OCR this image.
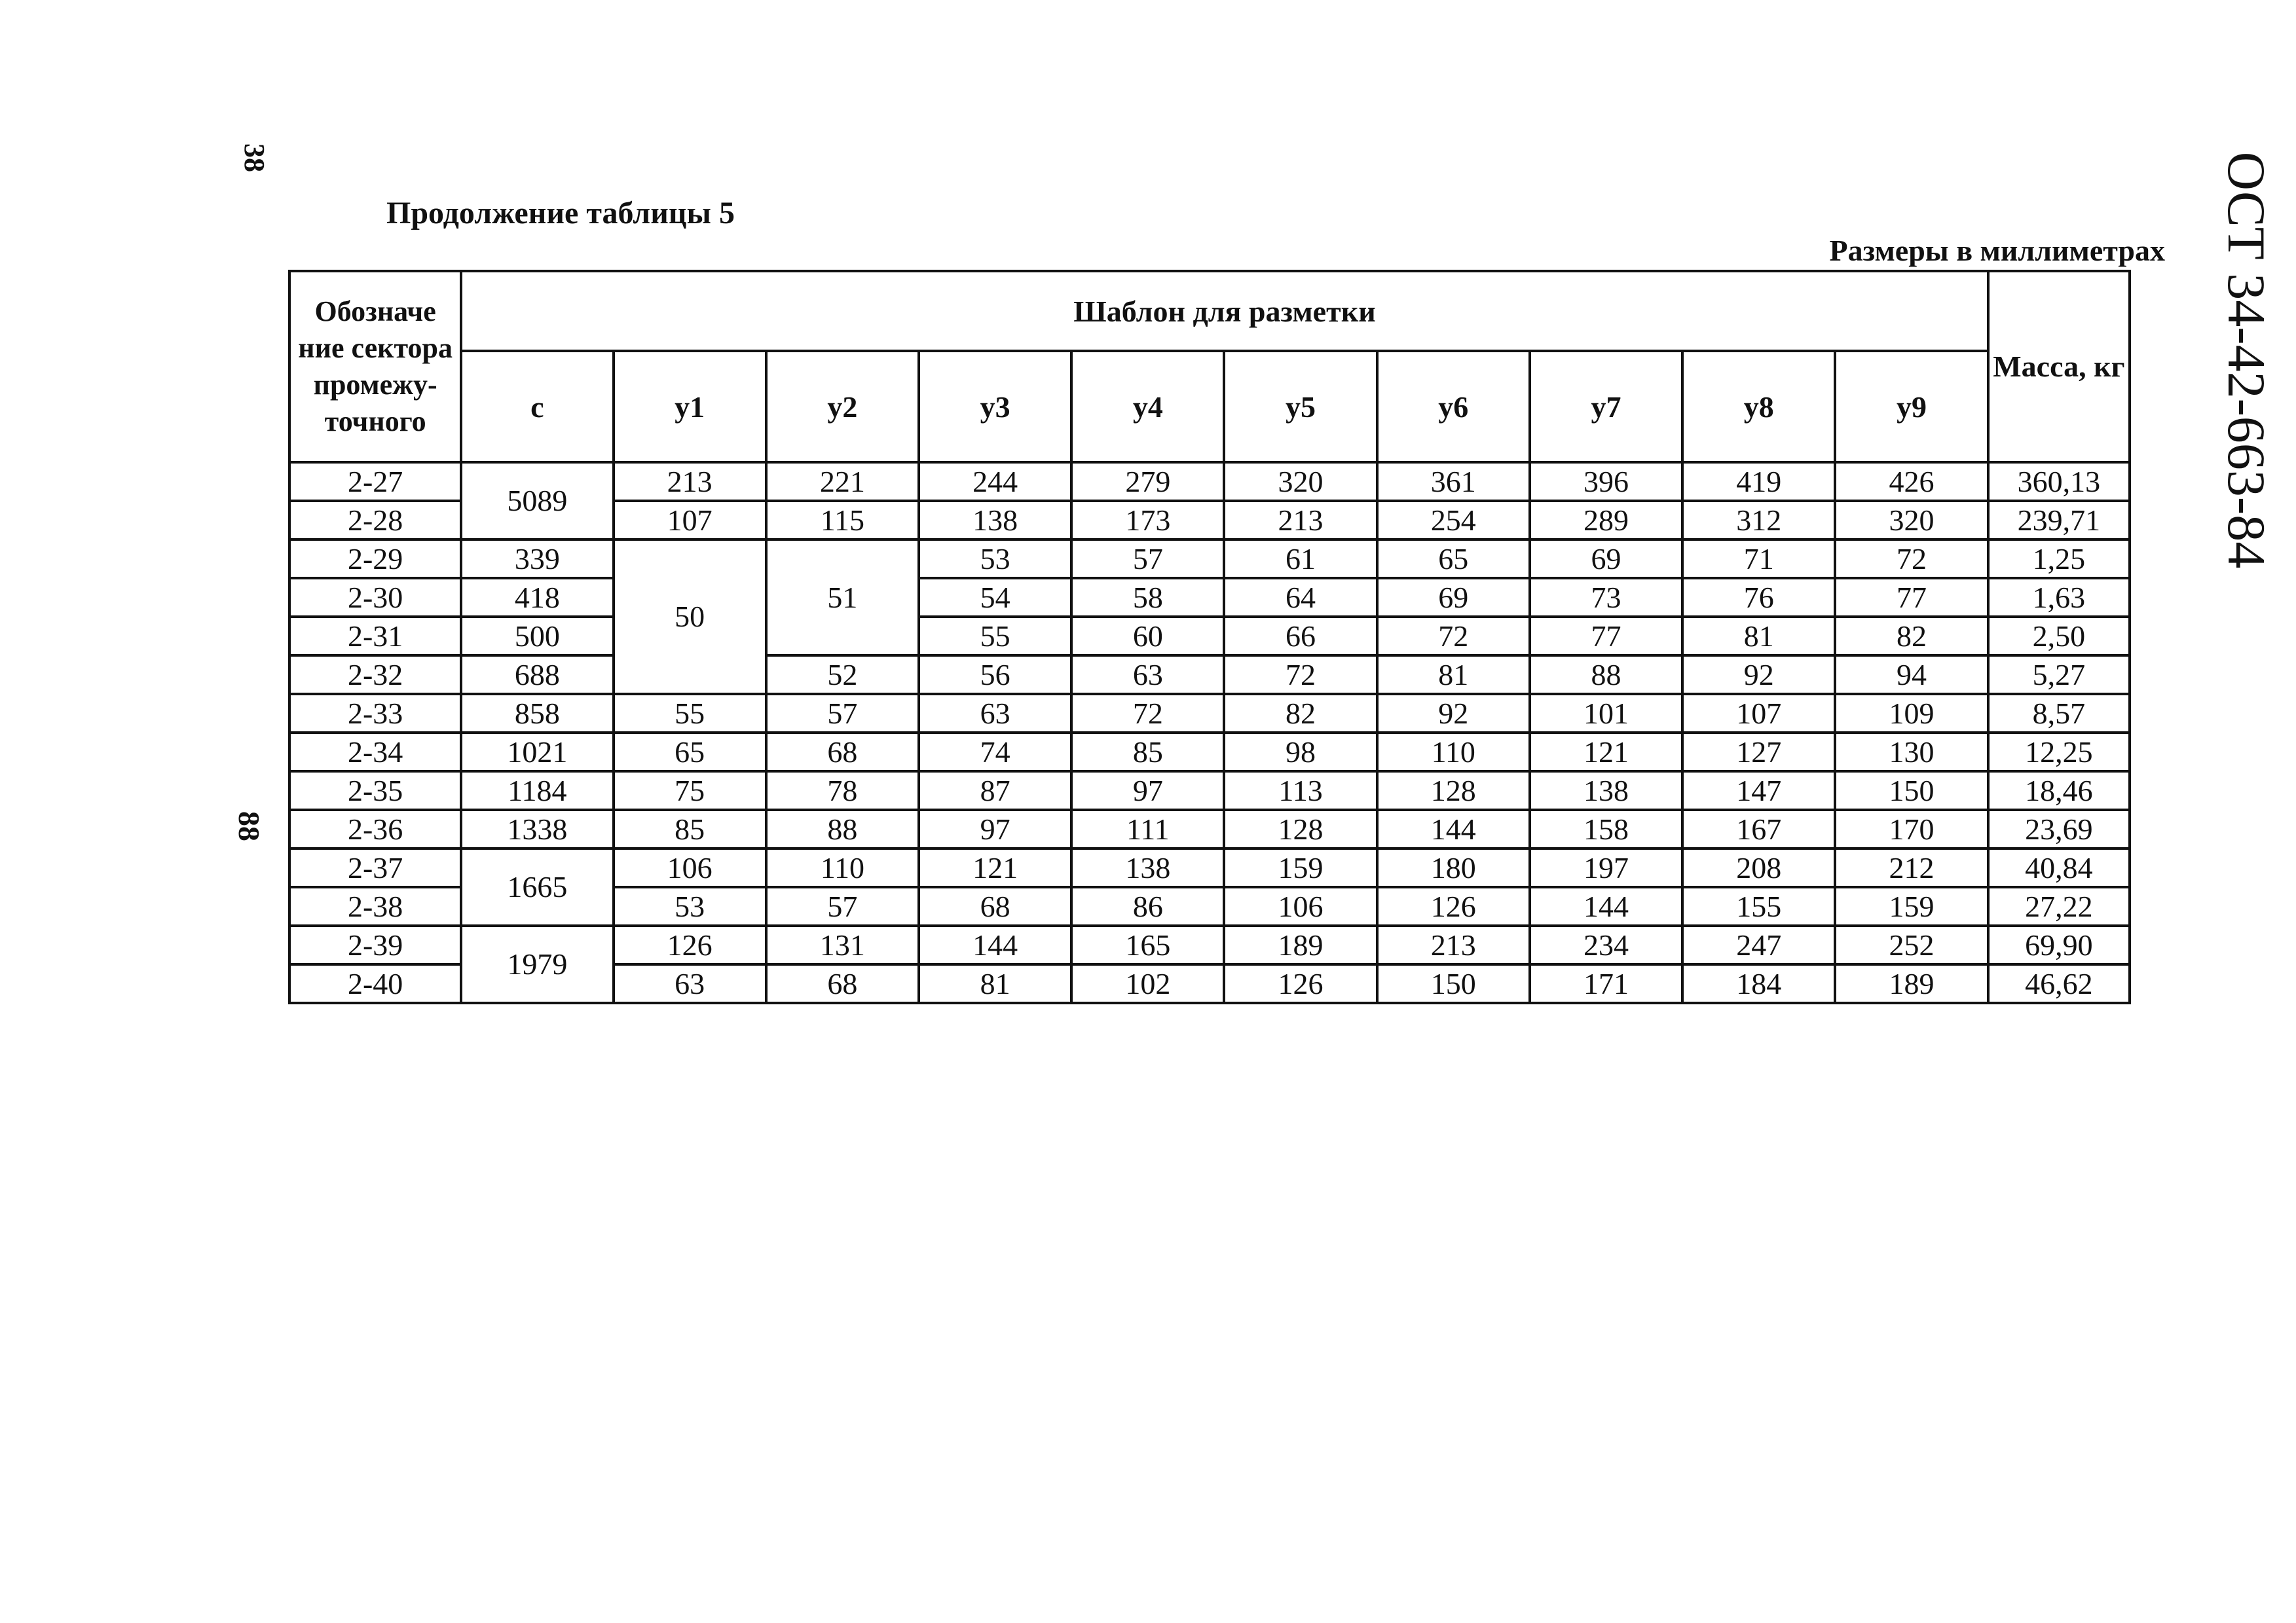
38
88
ОСТ 34-42-663-84
Продолжение таблицы 5
Размеры в миллиметрах
Обозначе ние сектора промежу-точного	Шаблон для разметки										Масса, кг
	c	y1	y2	y3	y4	y5	y6	y7	y8	y9	
2-27	5089	213	221	244	279	320	361	396	419	426	360,13
2-28		107	115	138	173	213	254	289	312	320	239,71
2-29	339	50	51	53	57	61	65	69	71	72	1,25
2-30	418			54	58	64	69	73	76	77	1,63
2-31	500			55	60	66	72	77	81	82	2,50
2-32	688		52	56	63	72	81	88	92	94	5,27
2-33	858	55	57	63	72	82	92	101	107	109	8,57
2-34	1021	65	68	74	85	98	110	121	127	130	12,25
2-35	1184	75	78	87	97	113	128	138	147	150	18,46
2-36	1338	85	88	97	111	128	144	158	167	170	23,69
2-37	1665	106	110	121	138	159	180	197	208	212	40,84
2-38		53	57	68	86	106	126	144	155	159	27,22
2-39	1979	126	131	144	165	189	213	234	247	252	69,90
2-40		63	68	81	102	126	150	171	184	189	46,62
